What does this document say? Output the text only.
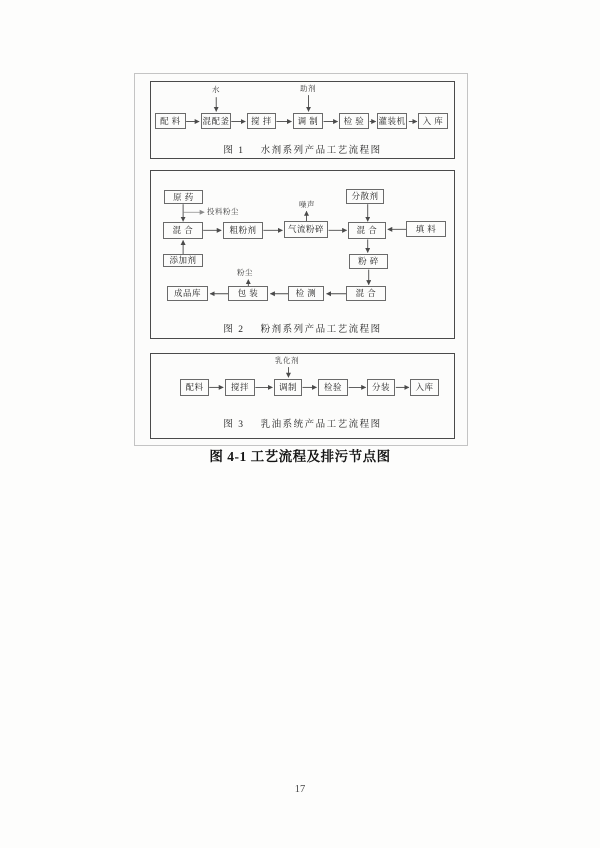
水	助剂
配 料	混配釜	搅 拌	调 制	检 验	灌装机	入 库
图 1 水剂系列产品工艺流程图
原 药	分散剂
混 合	粗粉剂	气流粉碎	混 合	填 料
添加剂	粉 碎
混 合
检 测
包 装
成品库
投料粉尘
噪声
粉尘
图 2 粉剂系列产品工艺流程图
乳化剂
配料	搅拌	调制	检验	分装	入库
图 3 乳油系统产品工艺流程图
图 4-1 工艺流程及排污节点图
17
